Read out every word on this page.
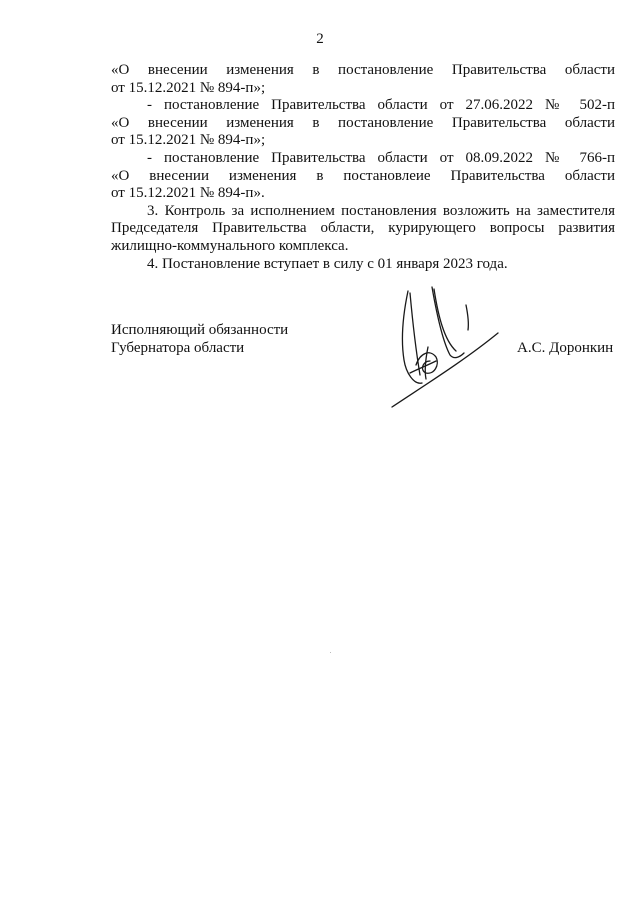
2
«О внесении изменения в постановление Правительства области
от 15.12.2021 № 894-п»;
- постановление Правительства области от 27.06.2022 № 502-п
«О внесении изменения в постановление Правительства области
от 15.12.2021 № 894-п»;
- постановление Правительства области от 08.09.2022 № 766-п
«О внесении изменения в постановлеие Правительства области
от 15.12.2021 № 894-п».
3. Контроль за исполнением постановления возложить на заместителя
Председателя Правительства области, курирующего вопросы развития
жилищно-коммунального комплекса.
4. Постановление вступает в силу с 01 января 2023 года.
Исполняющий обязанности
Губернатора области	А.С. Доронкин
